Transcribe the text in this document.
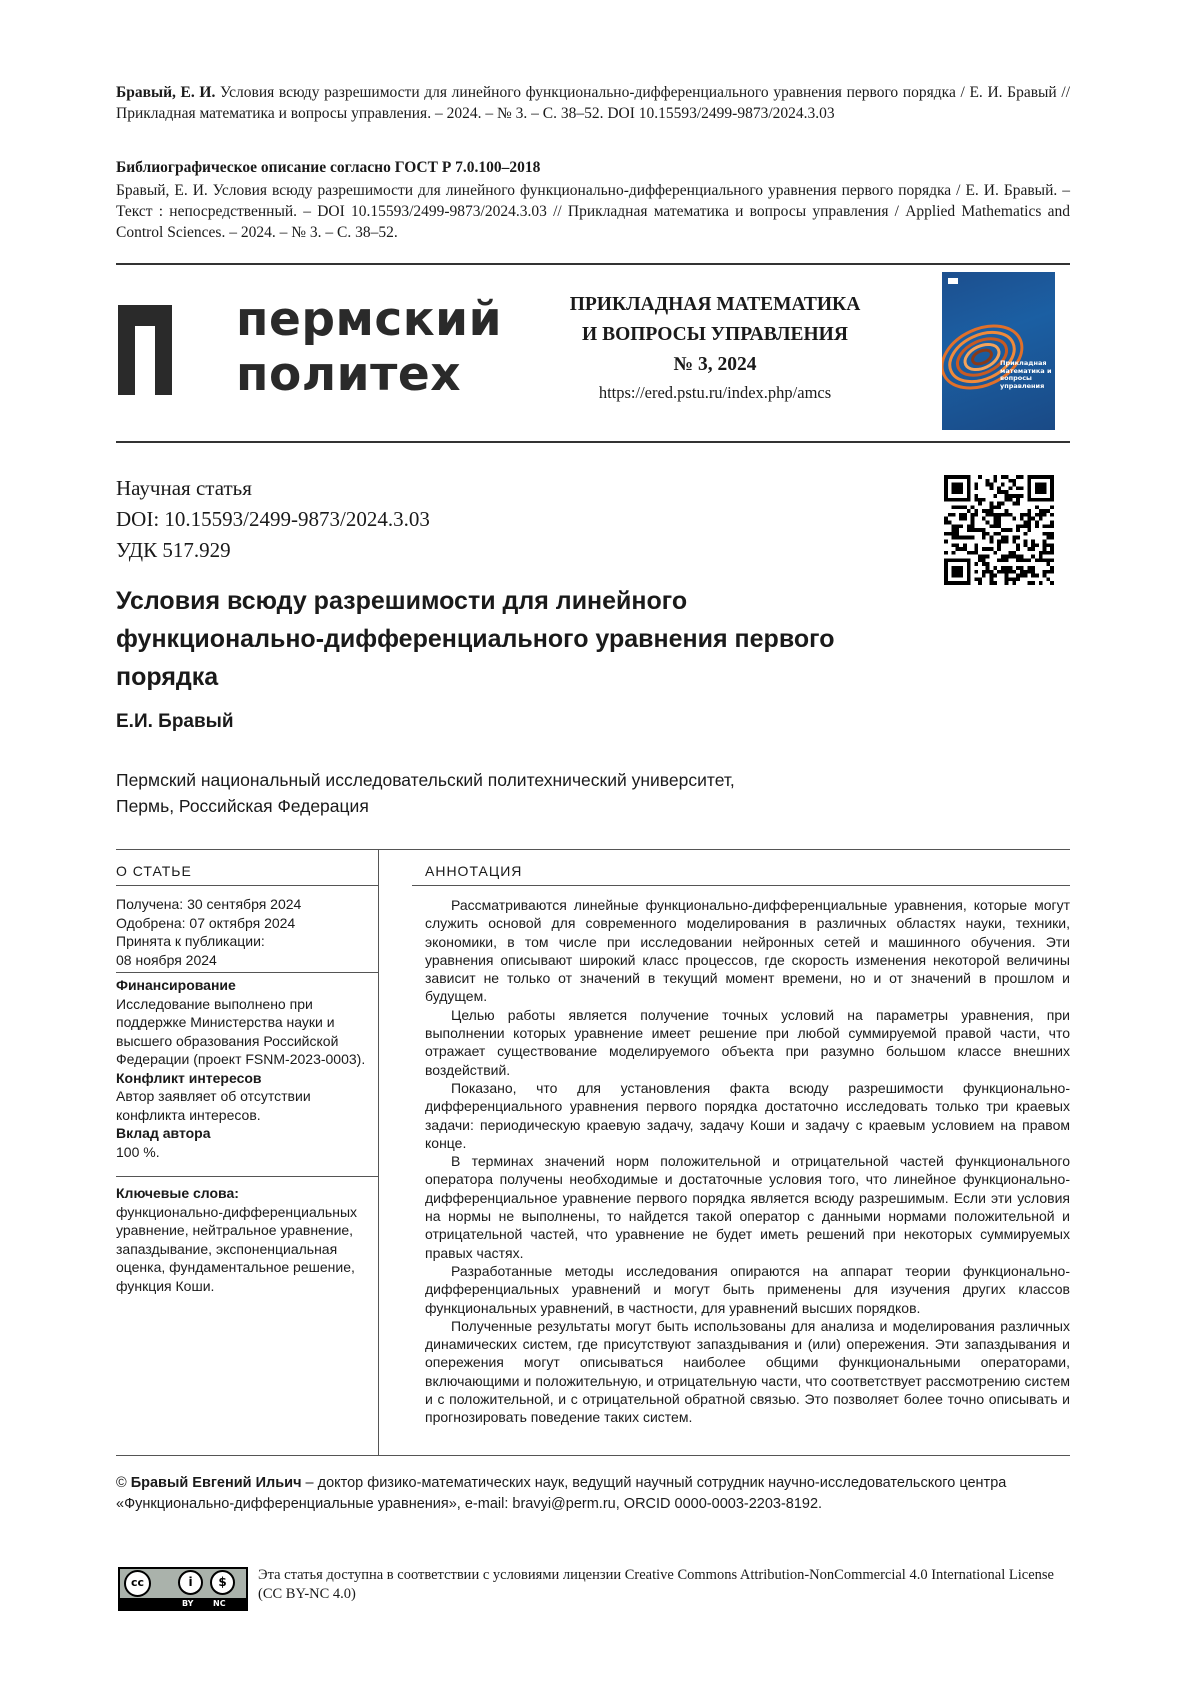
Бравый, Е. И. Условия всюду разрешимости для линейного функционально-дифференциального уравнения первого порядка / Е. И. Бравый // Прикладная математика и вопросы управления. – 2024. – № 3. – С. 38–52. DOI 10.15593/2499-9873/2024.3.03
Библиографическое описание согласно ГОСТ Р 7.0.100–2018
Бравый, Е. И. Условия всюду разрешимости для линейного функционально-дифференциального уравнения первого порядка / Е. И. Бравый. – Текст : непосредственный. – DOI 10.15593/2499-9873/2024.3.03 // Прикладная математика и вопросы управления / Applied Mathematics and Control Sciences. – 2024. – № 3. – С. 38–52.
пермский
политех
ПРИКЛАДНАЯ МАТЕМАТИКА
И ВОПРОСЫ УПРАВЛЕНИЯ
№ 3, 2024
https://ered.pstu.ru/index.php/amcs
Прикладная математика и вопросы управления
Научная статья
DOI: 10.15593/2499-9873/2024.3.03
УДК 517.929
Условия всюду разрешимости для линейного функционально-дифференциального уравнения первого порядка
Е.И. Бравый
Пермский национальный исследовательский политехнический университет,
Пермь, Российская Федерация
О СТАТЬЕ	АННОТАЦИЯ
Получена: 30 сентября 2024
Одобрена: 07 октября 2024
Принята к публикации:
08 ноября 2024
Финансирование
Исследование выполнено при поддержке Министерства науки и высшего образования Российской Федерации (проект FSNM-2023-0003).
Конфликт интересов
Автор заявляет об отсутствии конфликта интересов.
Вклад автора
100 %.
Ключевые слова:
функционально-дифференциальных уравнение, нейтральное уравнение, запаздывание, экспоненциальная оценка, фундаментальное решение, функция Коши.

Рассматриваются линейные функционально-дифференциальные уравнения, которые могут служить основой для современного моделирования в различных областях науки, техники, экономики, в том числе при исследовании нейронных сетей и машинного обучения. Эти уравнения описывают широкий класс процессов, где скорость изменения некоторой величины зависит не только от значений в текущий момент времени, но и от значений в прошлом и будущем.

Целью работы является получение точных условий на параметры уравнения, при выполнении которых уравнение имеет решение при любой суммируемой правой части, что отражает существование моделируемого объекта при разумно большом классе внешних воздействий.

Показано, что для установления факта всюду разрешимости функционально-дифференциального уравнения первого порядка достаточно исследовать только три краевых задачи: периодическую краевую задачу, задачу Коши и задачу с краевым условием на правом конце.

В терминах значений норм положительной и отрицательной частей функционального оператора получены необходимые и достаточные условия того, что линейное функционально-дифференциальное уравнение первого порядка является всюду разрешимым. Если эти условия на нормы не выполнены, то найдется такой оператор с данными нормами положительной и отрицательной частей, что уравнение не будет иметь решений при некоторых суммируемых правых частях.

Разработанные методы исследования опираются на аппарат теории функционально-дифференциальных уравнений и могут быть применены для изучения других классов функциональных уравнений, в частности, для уравнений высших порядков.

Полученные результаты могут быть использованы для анализа и моделирования различных динамических систем, где присутствуют запаздывания и (или) опережения. Эти запаздывания и опережения могут описываться наиболее общими функциональными операторами, включающими и положительную, и отрицательную части, что соответствует рассмотрению систем и с положительной, и с отрицательной обратной связью. Это позволяет более точно описывать и прогнозировать поведение таких систем.

© Бравый Евгений Ильич – доктор физико-математических наук, ведущий научный сотрудник научно-исследовательского центра «Функционально-дифференциальные уравнения», e-mail: bravyi@perm.ru, ORCID 0000-0003-2203-8192.
cc	i	$
BY NC
Эта статья доступна в соответствии с условиями лицензии Creative Commons Attribution-NonCommercial 4.0 International License (CC BY-NC 4.0)
